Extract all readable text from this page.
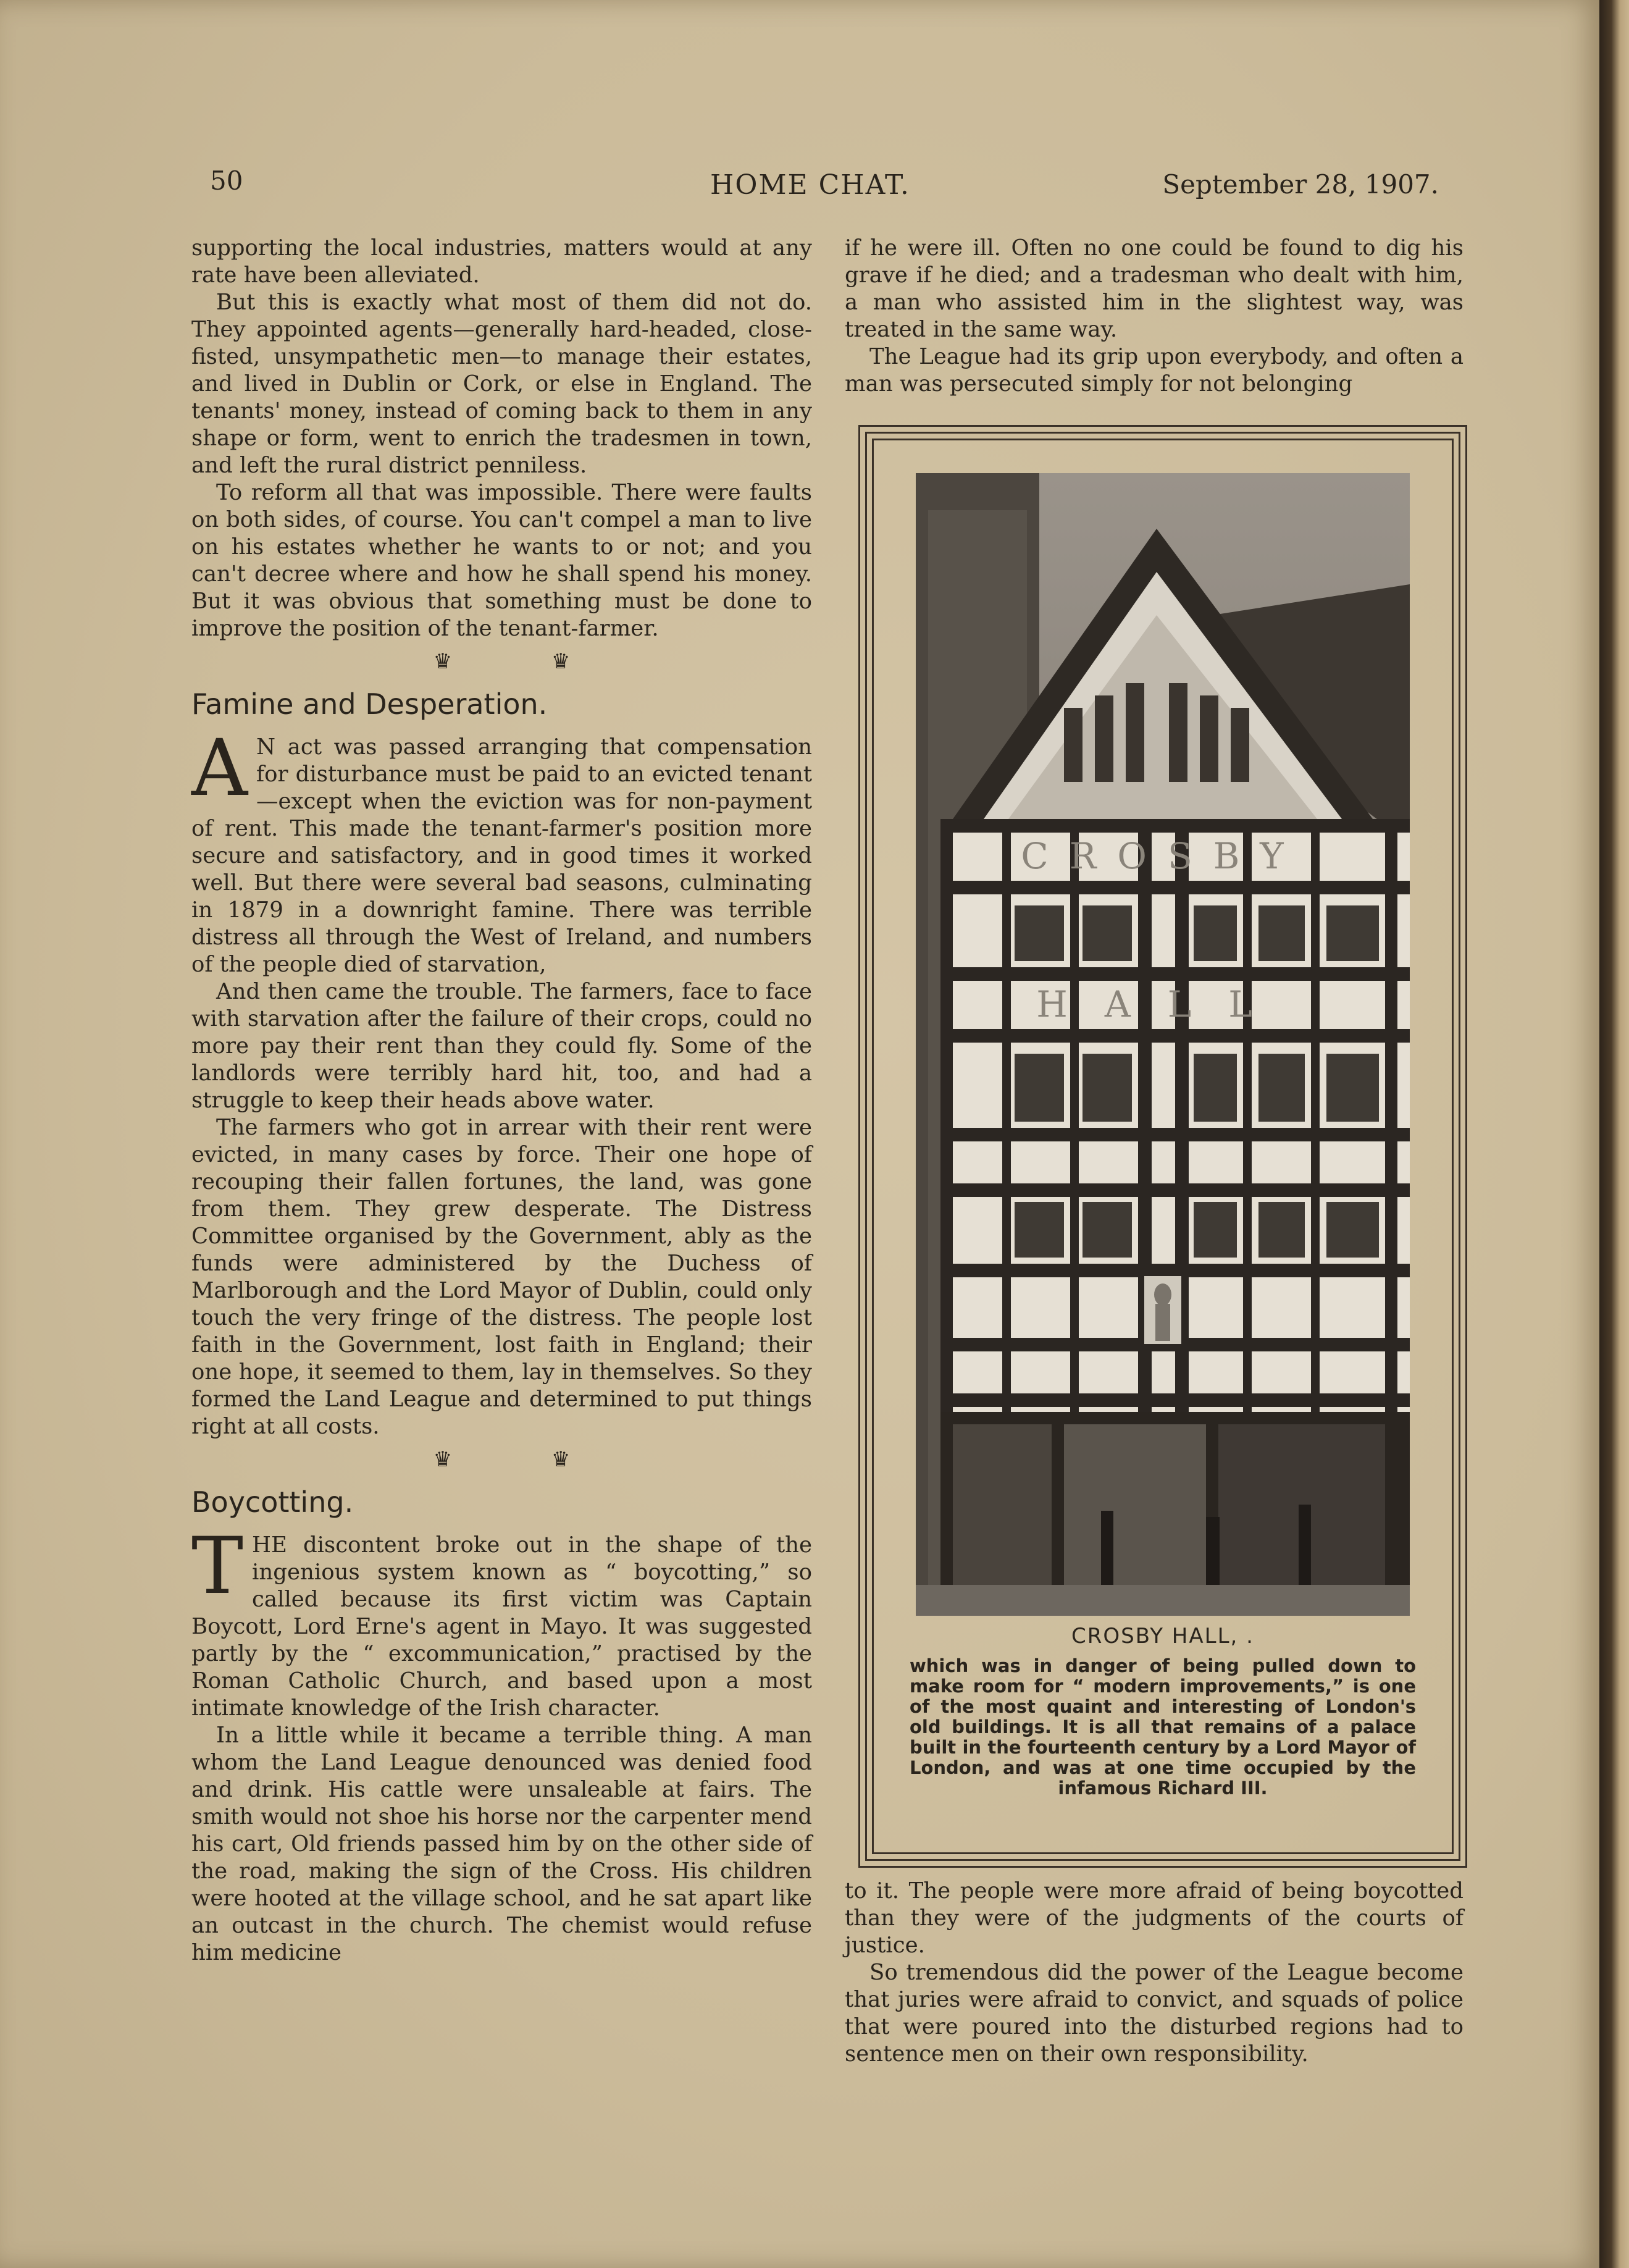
50	HOME CHAT.	September 28, 1907.

supporting the local industries, matters would at any rate have been alleviated.

But this is exactly what most of them did not do. They appointed agents—generally hard-headed, close-fisted, unsympathetic men—to manage their estates, and lived in Dublin or Cork, or else in England. The tenants' money, instead of coming back to them in any shape or form, went to enrich the tradesmen in town, and left the rural district penniless.

To reform all that was impossible. There were faults on both sides, of course. You can't compel a man to live on his estates whether he wants to or not; and you can't decree where and how he shall spend his money. But it was obvious that something must be done to improve the position of the tenant-farmer.

♛ ♛
Famine and Desperation.

A N act was passed arranging that compensation for disturbance must be paid to an evicted tenant—except when the eviction was for non-payment of rent. This made the tenant-farmer's position more secure and satisfactory, and in good times it worked well. But there were several bad seasons, culminating in 1879 in a downright famine. There was terrible distress all through the West of Ireland, and numbers of the people died of starvation,

And then came the trouble. The farmers, face to face with starvation after the failure of their crops, could no more pay their rent than they could fly. Some of the landlords were terribly hard hit, too, and had a struggle to keep their heads above water.

The farmers who got in arrear with their rent were evicted, in many cases by force. Their one hope of recouping their fallen fortunes, the land, was gone from them. They grew desperate. The Distress Committee organised by the Government, ably as the funds were administered by the Duchess of Marlborough and the Lord Mayor of Dublin, could only touch the very fringe of the distress. The people lost faith in the Government, lost faith in England; their one hope, it seemed to them, lay in themselves. So they formed the Land League and determined to put things right at all costs.

♛ ♛
Boycotting.

THE discontent broke out in the shape of the ingenious system known as “ boycotting,” so called because its first victim was Captain Boycott, Lord Erne's agent in Mayo. It was suggested partly by the “ excommunication,” practised by the Roman Catholic Church, and based upon a most intimate knowledge of the Irish character.

In a little while it became a terrible thing. A man whom the Land League denounced was denied food and drink. His cattle were unsaleable at fairs. The smith would not shoe his horse nor the carpenter mend his cart, Old friends passed him by on the other side of the road, making the sign of the Cross. His children were hooted at the village school, and he sat apart like an outcast in the church. The chemist would refuse him medicine

if he were ill. Often no one could be found to dig his grave if he died; and a tradesman who dealt with him, a man who assisted him in the slightest way, was treated in the same way.

The League had its grip upon everybody, and often a man was persecuted simply for not belonging

CROSBY
HALL
CROSBY HALL, .
which was in danger of being pulled down to make room for “ modern improvements,” is one of the most quaint and interesting of London's old buildings. It is all that remains of a palace built in the fourteenth century by a Lord Mayor of London, and was at one time occupied by the infamous Richard III.

to it. The people were more afraid of being boycotted than they were of the judgments of the courts of justice.

So tremendous did the power of the League become that juries were afraid to convict, and squads of police that were poured into the disturbed regions had to sentence men on their own responsibility.
